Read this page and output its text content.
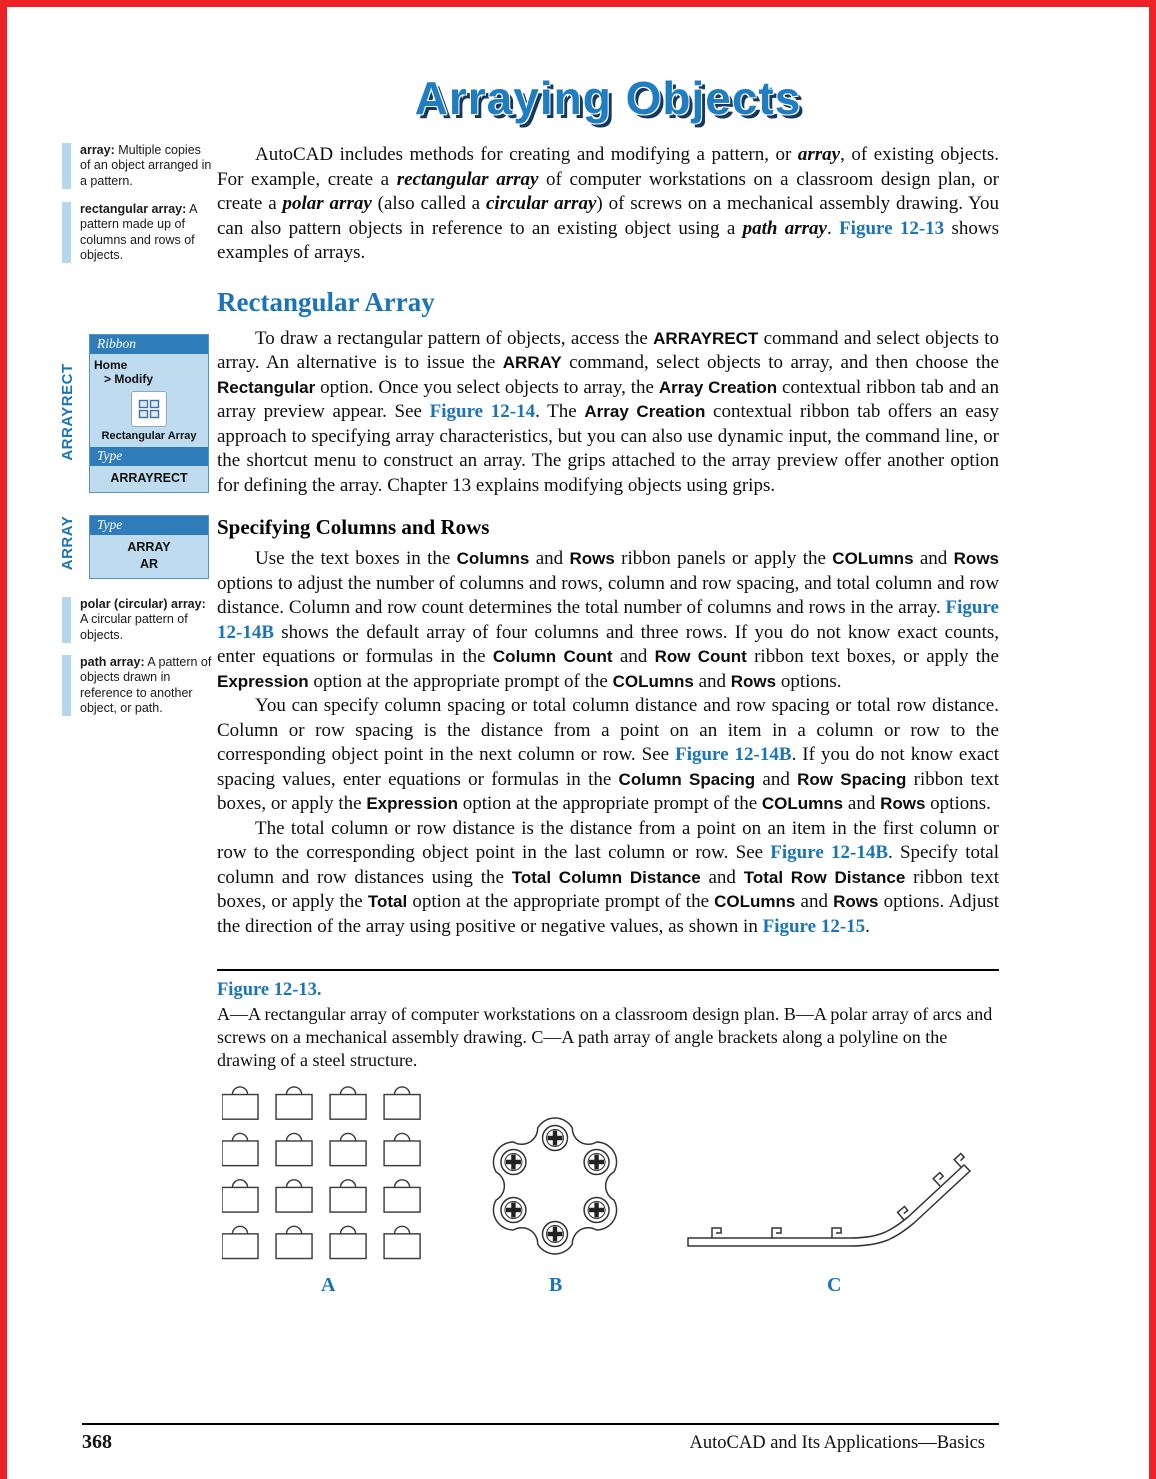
Arraying Objects

array: Multiple copies of an object arranged in a pattern.

rectangular array: A pattern made up of columns and rows of objects.

polar (circular) array: A circular pattern of objects.

path array: A pattern of objects drawn in reference to another object, or path.

ARRAYRECT
Ribbon
Home
> Modify
Rectangular Array
Type
ARRAYRECT
ARRAY	Type
ARRAY
AR

AutoCAD includes methods for creating and modifying a pattern, or array, of existing objects. For example, create a rectangular array of computer workstations on a classroom design plan, or create a polar array (also called a circular array) of screws on a mechanical assembly drawing. You can also pattern objects in reference to an existing object using a path array. Figure 12-13 shows examples of arrays.

Rectangular Array

To draw a rectangular pattern of objects, access the ARRAYRECT command and select objects to array. An alternative is to issue the ARRAY command, select objects to array, and then choose the Rectangular option. Once you select objects to array, the Array Creation contextual ribbon tab and an array preview appear. See Figure 12-14. The Array Creation contextual ribbon tab offers an easy approach to specifying array characteristics, but you can also use dynamic input, the command line, or the shortcut menu to construct an array. The grips attached to the array preview offer another option for defining the array. Chapter 13 explains modifying objects using grips.

Specifying Columns and Rows

Use the text boxes in the Columns and Rows ribbon panels or apply the COLumns and Rows options to adjust the number of columns and rows, column and row spacing, and total column and row distance. Column and row count determines the total number of columns and rows in the array. Figure 12-14B shows the default array of four columns and three rows. If you do not know exact counts, enter equations or formulas in the Column Count and Row Count ribbon text boxes, or apply the Expression option at the appropriate prompt of the COLumns and Rows options.

You can specify column spacing or total column distance and row spacing or total row distance. Column or row spacing is the distance from a point on an item in a column or row to the corresponding object point in the next column or row. See Figure 12-14B. If you do not know exact spacing values, enter equations or formulas in the Column Spacing and Row Spacing ribbon text boxes, or apply the Expression option at the appropriate prompt of the COLumns and Rows options.

The total column or row distance is the distance from a point on an item in the first column or row to the corresponding object point in the last column or row. See Figure 12-14B. Specify total column and row distances using the Total Column Distance and Total Row Distance ribbon text boxes, or apply the Total option at the appropriate prompt of the COLumns and Rows options. Adjust the direction of the array using positive or negative values, as shown in Figure 12-15.

Figure 12-13.

A—A rectangular array of computer workstations on a classroom design plan. B—A polar array of arcs and screws on a mechanical assembly drawing. C—A path array of angle brackets along a polyline on the drawing of a steel structure.

A	B	C
368	AutoCAD and Its Applications—Basics
